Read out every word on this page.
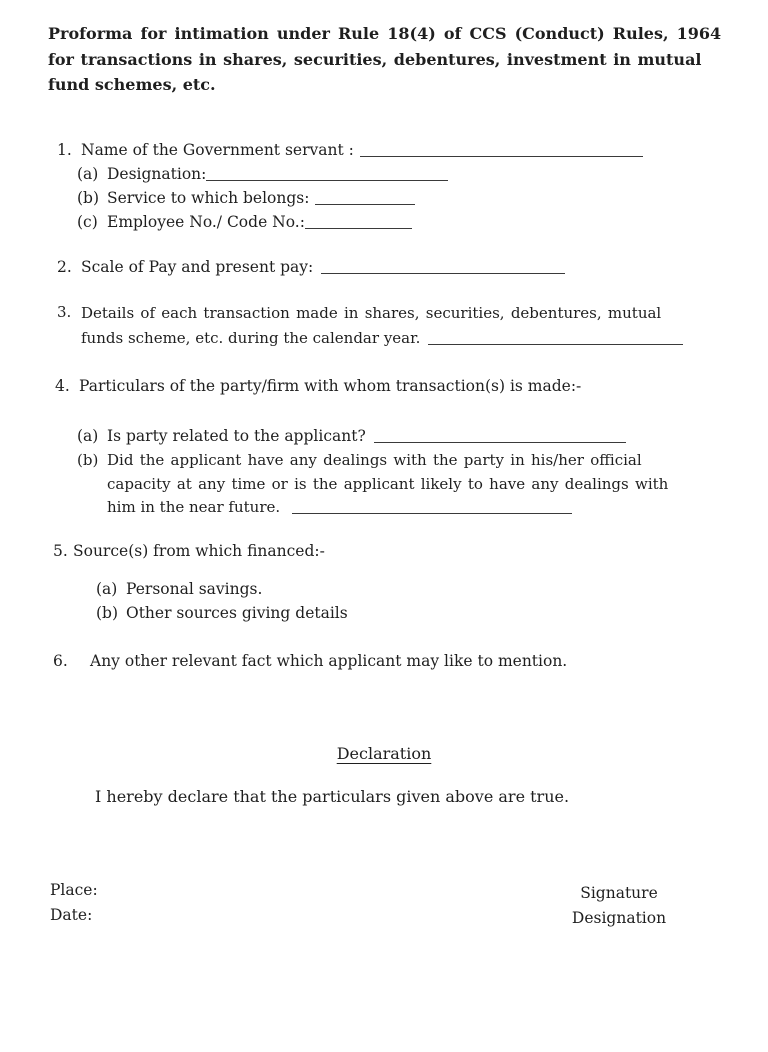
Proforma for intimation under Rule 18(4) of CCS (Conduct) Rules, 1964
for transactions in shares, securities, debentures, investment in mutual
fund schemes, etc.
1. Name of the Government servant :
(a) Designation:
(b) Service to which belongs:
(c) Employee No./ Code No.:
2. Scale of Pay and present pay:
3. Details of each transaction made in shares, securities, debentures, mutual
funds scheme, etc. during the calendar year.
4. Particulars of the party/firm with whom transaction(s) is made:-
(a) Is party related to the applicant?
(b) Did the applicant have any dealings with the party in his/her official
capacity at any time or is the applicant likely to have any dealings with
him in the near future.
5. Source(s) from which financed:-
(a) Personal savings.
(b) Other sources giving details
6.	Any other relevant fact which applicant may like to mention.
Declaration
I hereby declare that the particulars given above are true.
Place:
Date:
Signature
Designation
